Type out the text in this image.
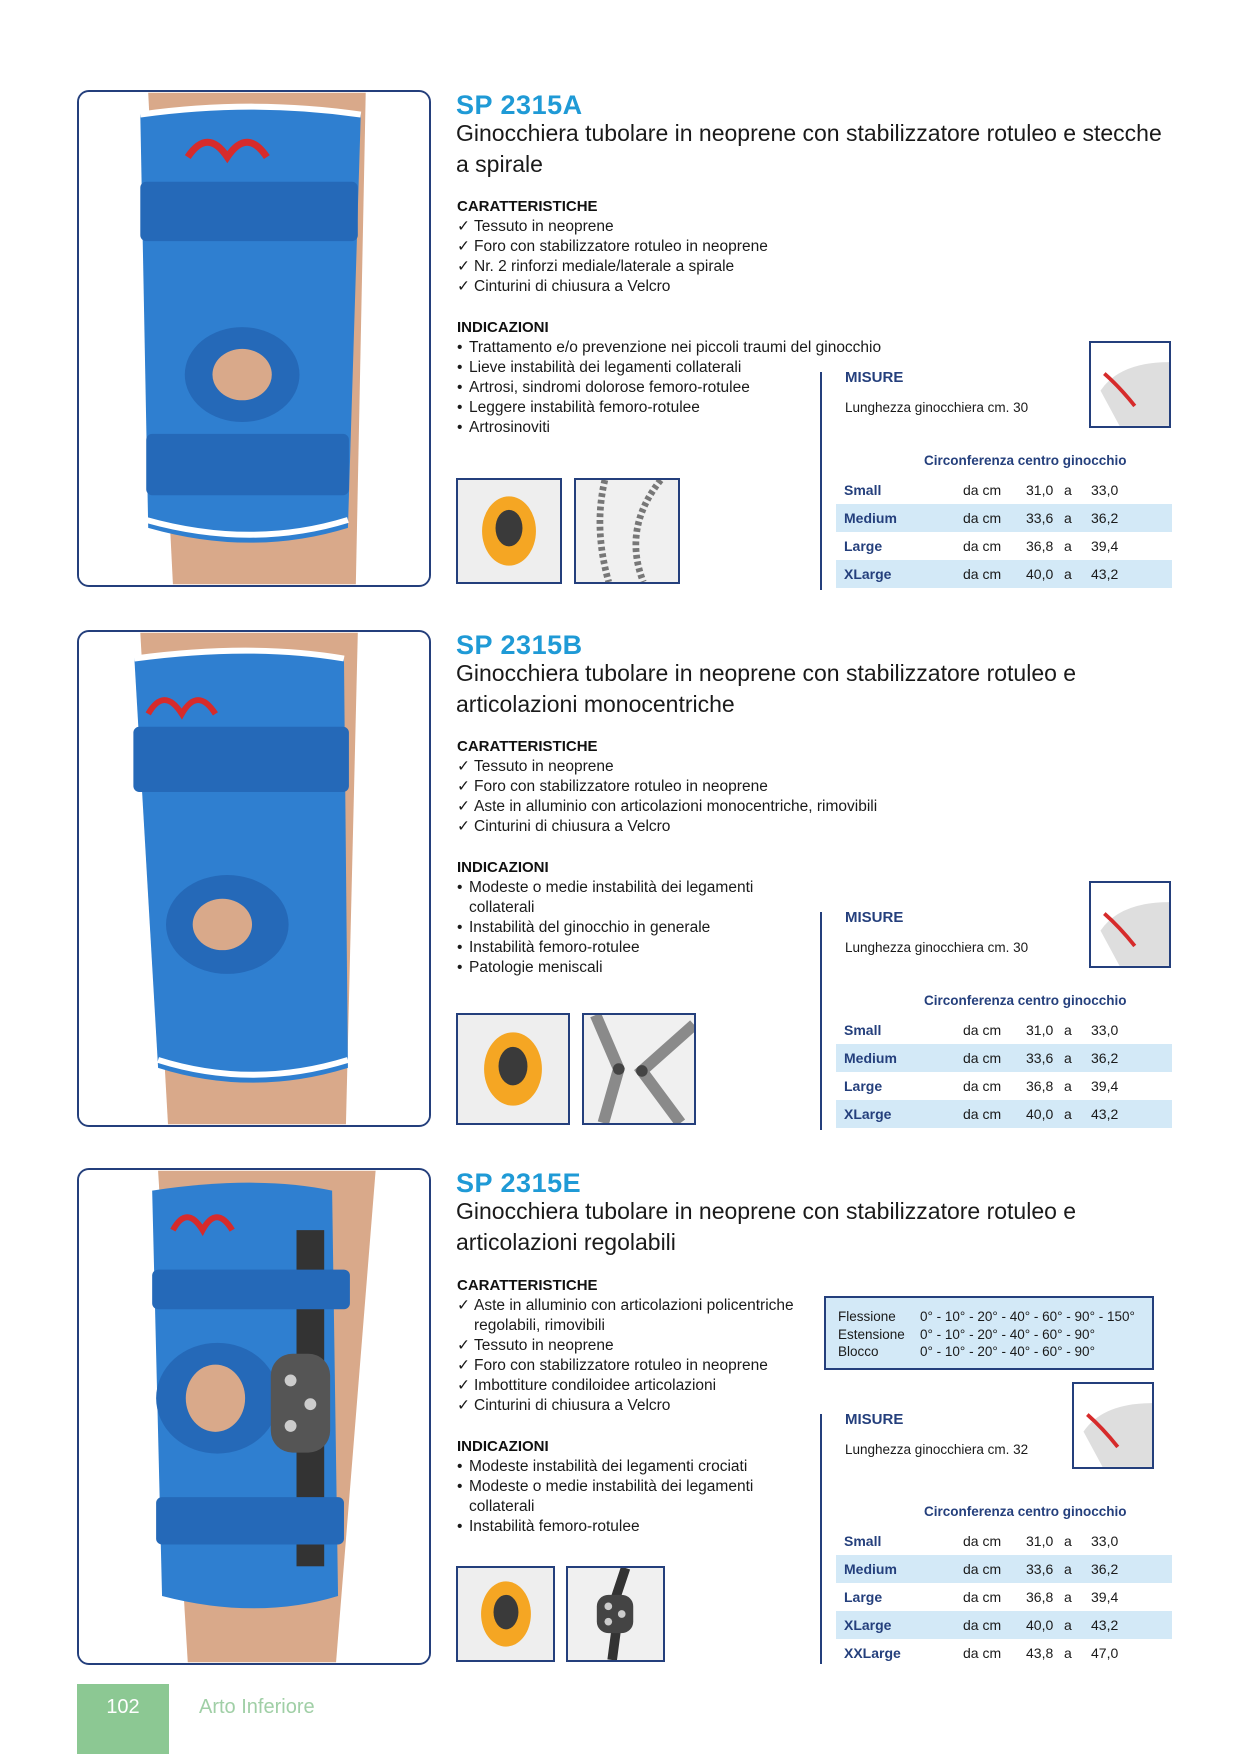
SP 2315A
Ginocchiera tubolare in neoprene con stabilizzatore rotuleo e stecche a spirale
CARATTERISTICHE
✓ Tessuto in neoprene
✓ Foro con stabilizzatore rotuleo in neoprene
✓ Nr. 2 rinforzi mediale/laterale a spirale
✓ Cinturini di chiusura a Velcro
INDICAZIONI
• Trattamento e/o prevenzione nei piccoli traumi del ginocchio
• Lieve instabilità dei legamenti collaterali
• Artrosi, sindromi dolorose femoro-rotulee
• Leggere instabilità femoro-rotulee
• Artrosinoviti
MISURE
Lunghezza ginocchiera cm. 30
Circonferenza centro ginocchio
Small	da cm 31,0 a 33,0
Medium	da cm 33,6 a 36,2
Large	da cm 36,8 a 39,4
XLarge	da cm 40,0 a 43,2
SP 2315B
Ginocchiera tubolare in neoprene con stabilizzatore rotuleo e articolazioni monocentriche
CARATTERISTICHE
✓ Tessuto in neoprene
✓ Foro con stabilizzatore rotuleo in neoprene
✓ Aste in alluminio con articolazioni monocentriche, rimovibili
✓ Cinturini di chiusura a Velcro
INDICAZIONI
• Modeste o medie instabilità dei legamenti collaterali
• Instabilità del ginocchio in generale
• Instabilità femoro-rotulee
• Patologie meniscali
MISURE
Lunghezza ginocchiera cm. 30
Circonferenza centro ginocchio
Small	da cm 31,0 a 33,0
Medium	da cm 33,6 a 36,2
Large	da cm 36,8 a 39,4
XLarge	da cm 40,0 a 43,2
SP 2315E
Ginocchiera tubolare in neoprene con stabilizzatore rotuleo e articolazioni regolabili
CARATTERISTICHE
✓ Aste in alluminio con articolazioni policentriche regolabili, rimovibili
✓ Tessuto in neoprene
✓ Foro con stabilizzatore rotuleo in neoprene
✓ Imbottiture condiloidee articolazioni
✓ Cinturini di chiusura a Velcro
INDICAZIONI
• Modeste instabilità dei legamenti crociati
• Modeste o medie instabilità dei legamenti collaterali
• Instabilità femoro-rotulee
Flessione	0° - 10° - 20° - 40° - 60° - 90° - 150°
Estensione	0° - 10° - 20° - 40° - 60° - 90°
Blocco	0° - 10° - 20° - 40° - 60° - 90°
MISURE
Lunghezza ginocchiera cm. 32
Circonferenza centro ginocchio
Small	da cm 31,0 a 33,0
Medium	da cm 33,6 a 36,2
Large	da cm 36,8 a 39,4
XLarge	da cm 40,0 a 43,2
XXLarge	da cm 43,8 a 47,0
102	Arto Inferiore
